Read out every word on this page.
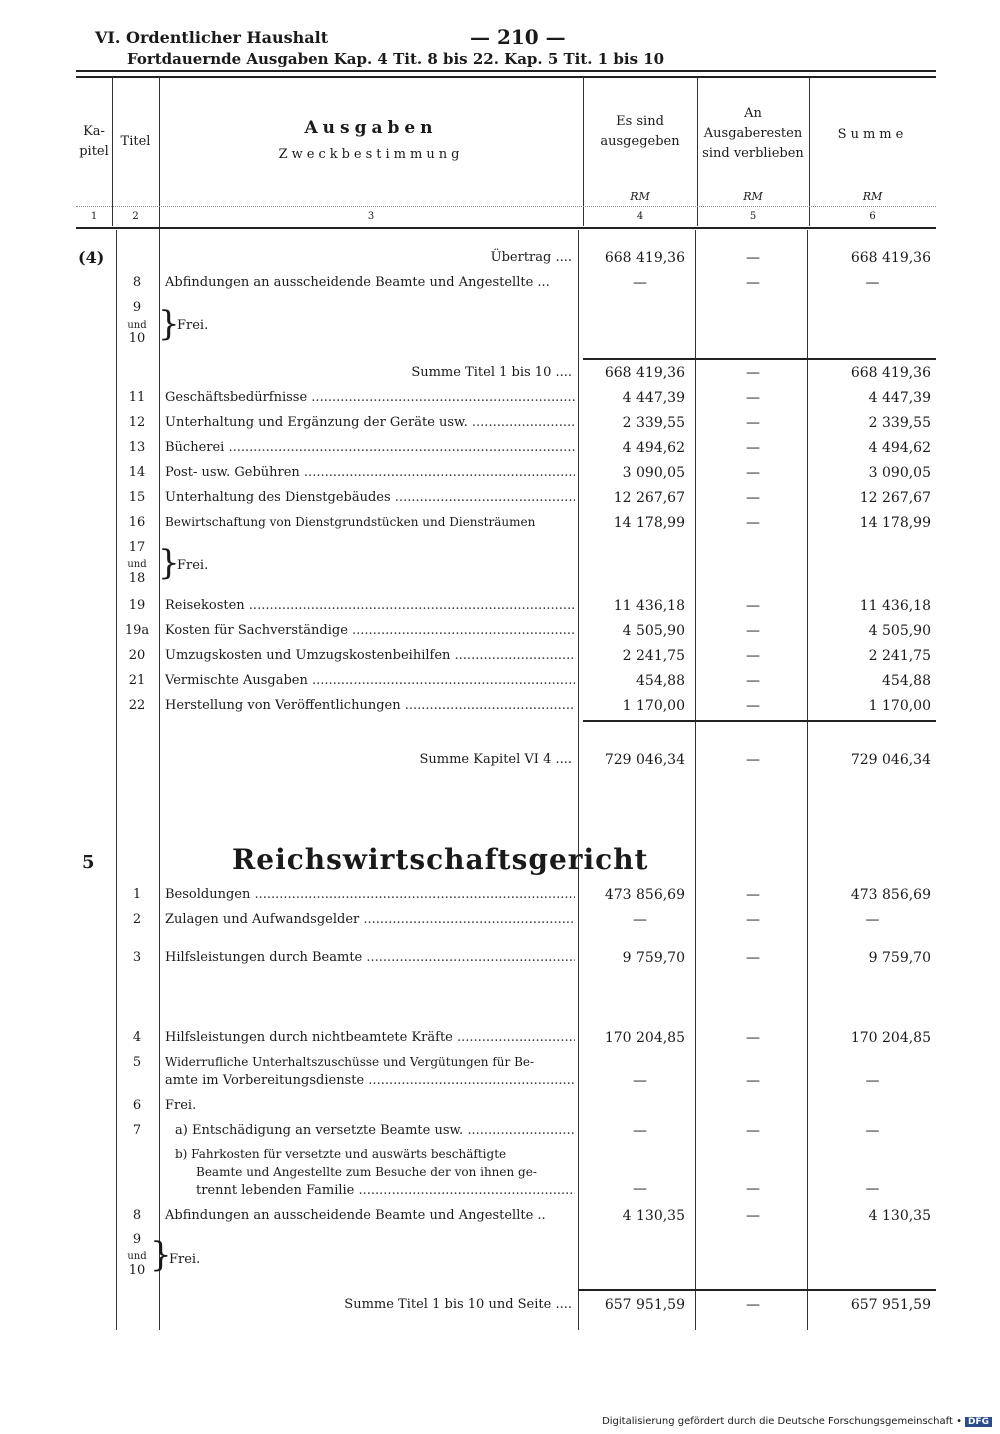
VI. Ordentlicher Haushalt	— 210 —
Fortdauernde Ausgaben Kap. 4 Tit. 8 bis 22. Kap. 5 Tit. 1 bis 10
Ka-
pitel
Titel
Ausgaben
Zweckbestimmung
Es sind
ausgegeben
An
Ausgaberesten
sind verblieben
Summe
RM	RM	RM
1	2	3	4	5	6
(4)	Übertrag ....	668 419,36	—	668 419,36
8	Abfindungen an ausscheidende Beamte und Angestellte ...	—	—	—
9
und
10 }
Frei.
Summe Titel 1 bis 10 ....	668 419,36	—	668 419,36
11	Geschäftsbedürfnisse .....	4 447,39	—	4 447,39
12	Unterhaltung und Ergänzung der Geräte usw. .....	2 339,55	—	2 339,55
13	Bücherei .....	4 494,62	—	4 494,62
14	Post- usw. Gebühren .....	3 090,05	—	3 090,05
15	Unterhaltung des Dienstgebäudes .....	12 267,67	—	12 267,67
16	Bewirtschaftung von Dienstgrundstücken und Diensträumen	14 178,99	—	14 178,99
17
und
18 }
Frei.
19	Reisekosten .....	11 436,18	—	11 436,18
19a	Kosten für Sachverständige .....	4 505,90	—	4 505,90
20	Umzugskosten und Umzugskostenbeihilfen .....	2 241,75	—	2 241,75
21	Vermischte Ausgaben .....	454,88	—	454,88
22	Herstellung von Veröffentlichungen .....	1 170,00	—	1 170,00
Summe Kapitel VI 4 ....	729 046,34	—	729 046,34
5	Reichswirtschaftsgericht
1	Besoldungen .....	473 856,69	—	473 856,69
2	Zulagen und Aufwandsgelder .....	—	—	—
3	Hilfsleistungen durch Beamte .....	9 759,70	—	9 759,70
4	Hilfsleistungen durch nichtbeamtete Kräfte .....	170 204,85	—	170 204,85
5	Widerrufliche Unterhaltszuschüsse und Vergütungen für Be-
amte im Vorbereitungsdienste .....	—	—	—
6	Frei.
7	a) Entschädigung an versetzte Beamte usw. .....	—	—	—
b) Fahrkosten für versetzte und auswärts beschäftigte
Beamte und Angestellte zum Besuche der von ihnen ge-
trennt lebenden Familie .....	—	—	—
8	Abfindungen an ausscheidende Beamte und Angestellte ..	4 130,35	—	4 130,35
9
und
10 }
Frei.
Summe Titel 1 bis 10 und Seite ....	657 951,59	—	657 951,59
Digitalisierung gefördert durch die Deutsche Forschungsgemeinschaft • DFG
